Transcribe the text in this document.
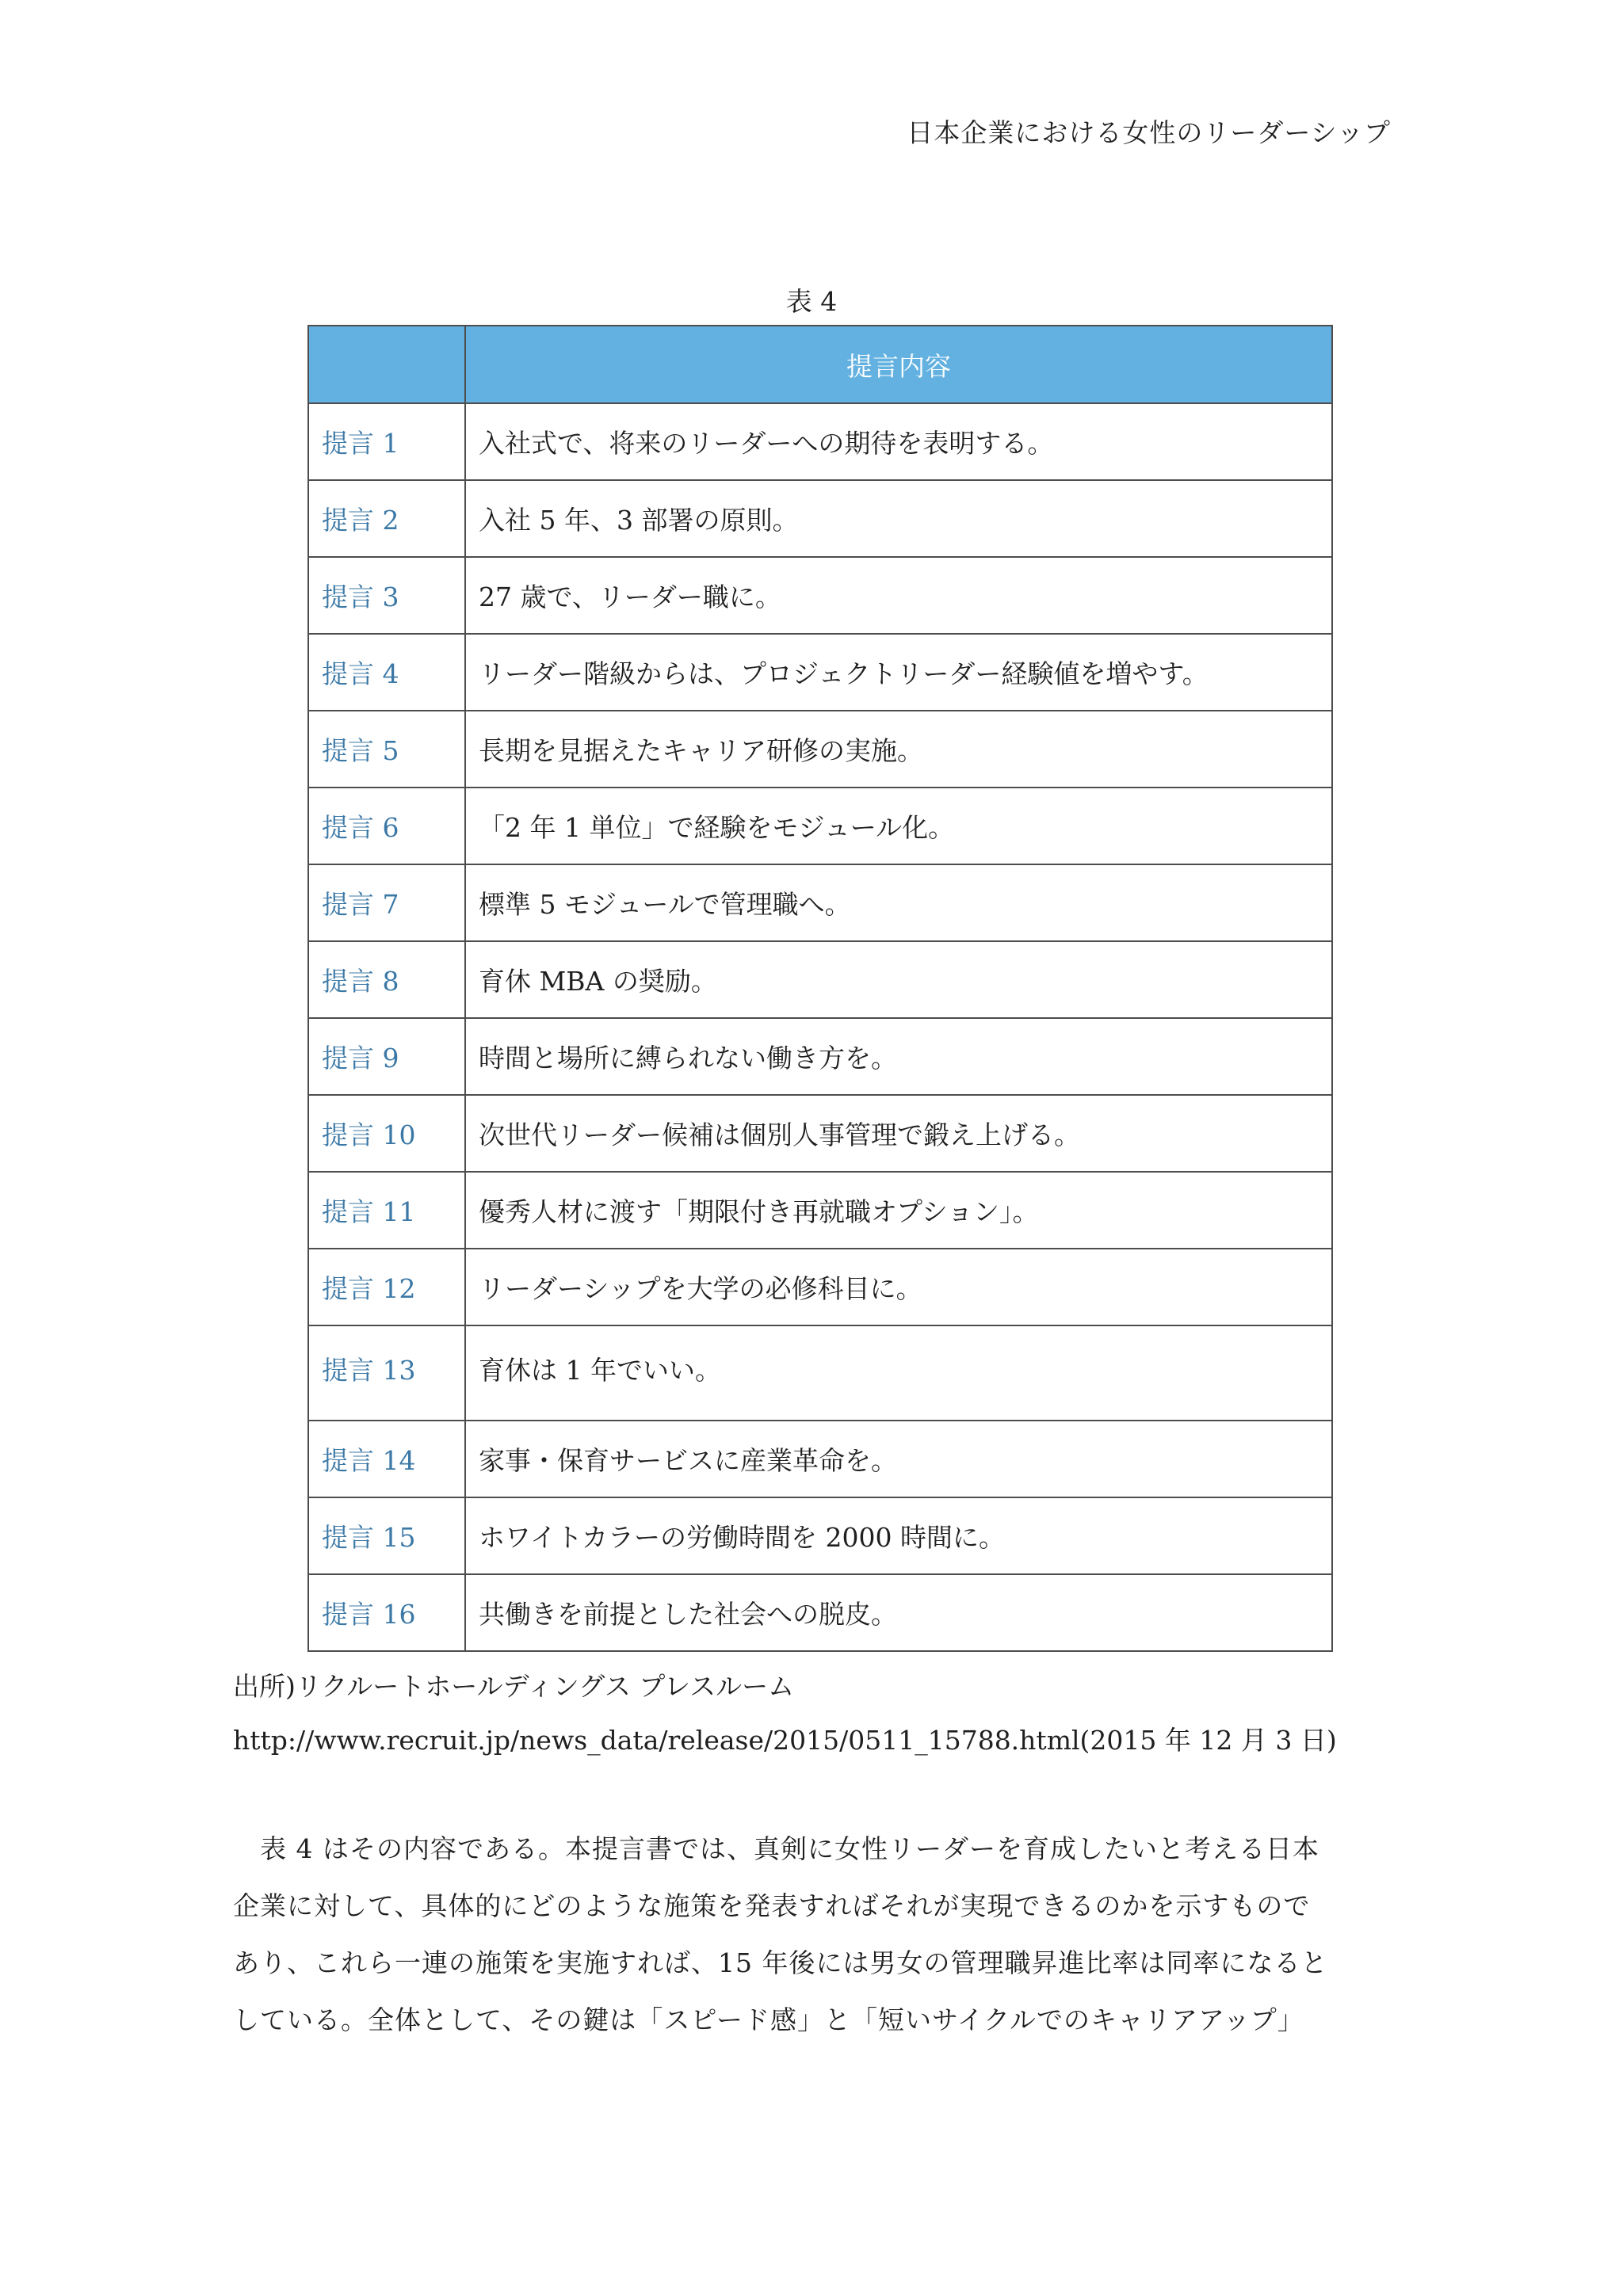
日本企業における女性のリーダーシップ
表 4
	提言内容
提言 1	入社式で、将来のリーダーへの期待を表明する。
提言 2	入社 5 年、3 部署の原則。
提言 3	27 歳で、リーダー職に。
提言 4	リーダー階級からは、プロジェクトリーダー経験値を増やす。
提言 5	長期を見据えたキャリア研修の実施。
提言 6	「2 年 1 単位」で経験をモジュール化。
提言 7	標準 5 モジュールで管理職へ。
提言 8	育休 MBA の奨励。
提言 9	時間と場所に縛られない働き方を。
提言 10	次世代リーダー候補は個別人事管理で鍛え上げる。
提言 11	優秀人材に渡す「期限付き再就職オプション」。
提言 12	リーダーシップを大学の必修科目に。
提言 13	育休は 1 年でいい。
提言 14	家事・保育サービスに産業革命を。
提言 15	ホワイトカラーの労働時間を 2000 時間に。
提言 16	共働きを前提とした社会への脱皮。
出所)リクルートホールディングス プレスルーム
http://www.recruit.jp/news_data/release/2015/0511_15788.html(2015 年 12 月 3 日)

　表 4 はその内容である。本提言書では、真剣に女性リーダーを育成したいと考える日本

企業に対して、具体的にどのような施策を発表すればそれが実現できるのかを示すもので

あり、これら一連の施策を実施すれば、15 年後には男女の管理職昇進比率は同率になると

している。全体として、その鍵は「スピード感」と「短いサイクルでのキャリアアップ」
